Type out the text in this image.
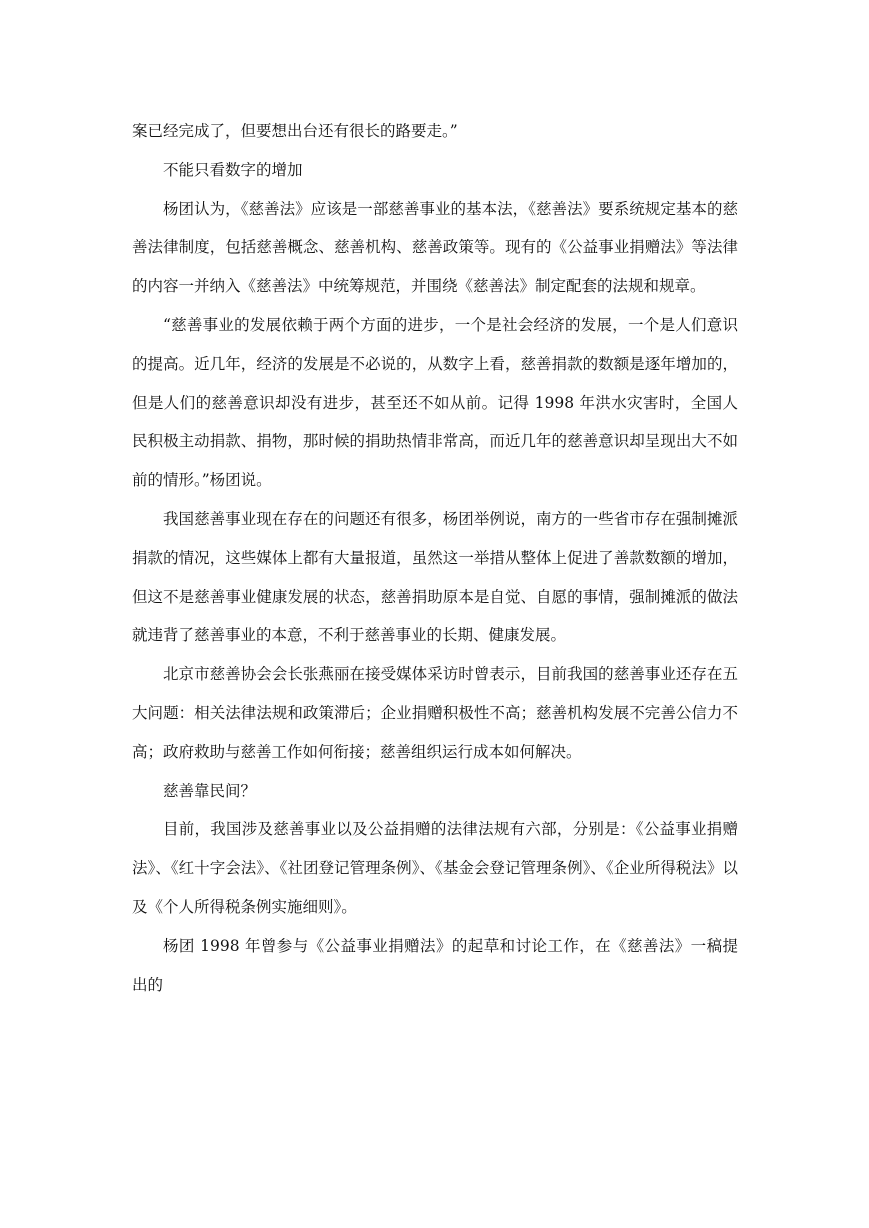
案已经完成了，但要想出台还有很长的路要走。”

不能只看数字的增加

杨团认为，《慈善法》应该是一部慈善事业的基本法，《慈善法》要系统规定基本的慈善法律制度，包括慈善概念、慈善机构、慈善政策等。现有的《公益事业捐赠法》等法律的内容一并纳入《慈善法》中统筹规范，并围绕《慈善法》制定配套的法规和规章。

“慈善事业的发展依赖于两个方面的进步，一个是社会经济的发展，一个是人们意识的提高。近几年，经济的发展是不必说的，从数字上看，慈善捐款的数额是逐年增加的，但是人们的慈善意识却没有进步，甚至还不如从前。记得 1998 年洪水灾害时，全国人民积极主动捐款、捐物，那时候的捐助热情非常高，而近几年的慈善意识却呈现出大不如前的情形。”杨团说。

我国慈善事业现在存在的问题还有很多，杨团举例说，南方的一些省市存在强制摊派捐款的情况，这些媒体上都有大量报道，虽然这一举措从整体上促进了善款数额的增加，但这不是慈善事业健康发展的状态，慈善捐助原本是自觉、自愿的事情，强制摊派的做法就违背了慈善事业的本意，不利于慈善事业的长期、健康发展。

北京市慈善协会会长张燕丽在接受媒体采访时曾表示，目前我国的慈善事业还存在五大问题：相关法律法规和政策滞后；企业捐赠积极性不高；慈善机构发展不完善公信力不高；政府救助与慈善工作如何衔接；慈善组织运行成本如何解决。

慈善靠民间？

目前，我国涉及慈善事业以及公益捐赠的法律法规有六部，分别是：《公益事业捐赠法》、《红十字会法》、《社团登记管理条例》、《基金会登记管理条例》、《企业所得税法》以及《个人所得税条例实施细则》。

杨团 1998 年曾参与《公益事业捐赠法》的起草和讨论工作，在《慈善法》一稿提出的
